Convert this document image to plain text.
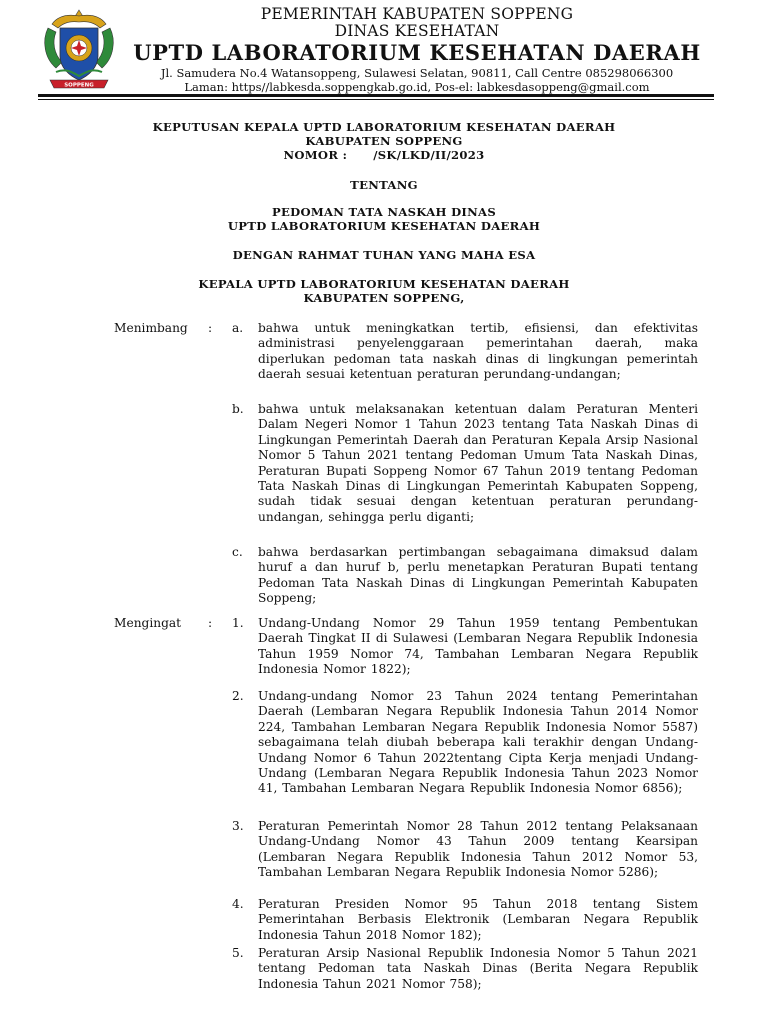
SOPPENG
PEMERINTAH KABUPATEN SOPPENG
DINAS KESEHATAN
UPTD LABORATORIUM KESEHATAN DAERAH
Jl. Samudera No.4 Watansoppeng, Sulawesi Selatan, 90811, Call Centre 085298066300
Laman: https//labkesda.soppengkab.go.id, Pos-el: labkesdasoppeng@gmail.com
KEPUTUSAN KEPALA UPTD LABORATORIUM KESEHATAN DAERAH
KABUPATEN SOPPENG
NOMOR :      /SK/LKD/II/2023
TENTANG
PEDOMAN TATA NASKAH DINAS
UPTD LABORATORIUM KESEHATAN DAERAH
DENGAN RAHMAT TUHAN YANG MAHA ESA
KEPALA UPTD LABORATORIUM KESEHATAN DAERAH
KABUPATEN SOPPENG,
Menimbang : a. bahwa untuk meningkatkan tertib, efisiensi, dan efektivitas administrasi penyelenggaraan pemerintahan daerah, maka diperlukan pedoman tata naskah dinas di lingkungan pemerintah daerah sesuai ketentuan peraturan perundang-undangan;
b. bahwa untuk melaksanakan ketentuan dalam Peraturan Menteri Dalam Negeri Nomor 1 Tahun 2023 tentang Tata Naskah Dinas di Lingkungan Pemerintah Daerah dan Peraturan Kepala Arsip Nasional Nomor 5 Tahun 2021 tentang Pedoman Umum Tata Naskah Dinas, Peraturan Bupati Soppeng Nomor 67 Tahun 2019 tentang Pedoman Tata Naskah Dinas di Lingkungan Pemerintah Kabupaten Soppeng, sudah tidak sesuai dengan ketentuan peraturan perundang-undangan, sehingga perlu diganti;
c. bahwa berdasarkan pertimbangan sebagaimana dimaksud dalam huruf a dan huruf b, perlu menetapkan Peraturan Bupati tentang Pedoman Tata Naskah Dinas di Lingkungan Pemerintah Kabupaten Soppeng;
Mengingat : 1. Undang-Undang Nomor 29 Tahun 1959 tentang Pembentukan Daerah Tingkat II di Sulawesi (Lembaran Negara Republik Indonesia Tahun 1959 Nomor 74, Tambahan Lembaran Negara Republik Indonesia Nomor 1822);
2. Undang-undang Nomor 23 Tahun 2024 tentang Pemerintahan Daerah (Lembaran Negara Republik Indonesia Tahun 2014 Nomor 224, Tambahan Lembaran Negara Republik Indonesia Nomor 5587) sebagaimana telah diubah beberapa kali terakhir dengan Undang-Undang Nomor 6 Tahun 2022tentang Cipta Kerja menjadi Undang-Undang (Lembaran Negara Republik Indonesia Tahun 2023 Nomor 41, Tambahan Lembaran Negara Republik Indonesia Nomor 6856);
3. Peraturan Pemerintah Nomor 28 Tahun 2012 tentang Pelaksanaan Undang-Undang Nomor 43 Tahun 2009 tentang Kearsipan (Lembaran Negara Republik Indonesia Tahun 2012 Nomor 53, Tambahan Lembaran Negara Republik Indonesia Nomor 5286);
4. Peraturan Presiden Nomor 95 Tahun 2018 tentang Sistem Pemerintahan Berbasis Elektronik (Lembaran Negara Republik Indonesia Tahun 2018 Nomor 182);
5. Peraturan Arsip Nasional Republik Indonesia Nomor 5 Tahun 2021 tentang Pedoman tata Naskah Dinas (Berita Negara Republik Indonesia Tahun 2021 Nomor 758);
